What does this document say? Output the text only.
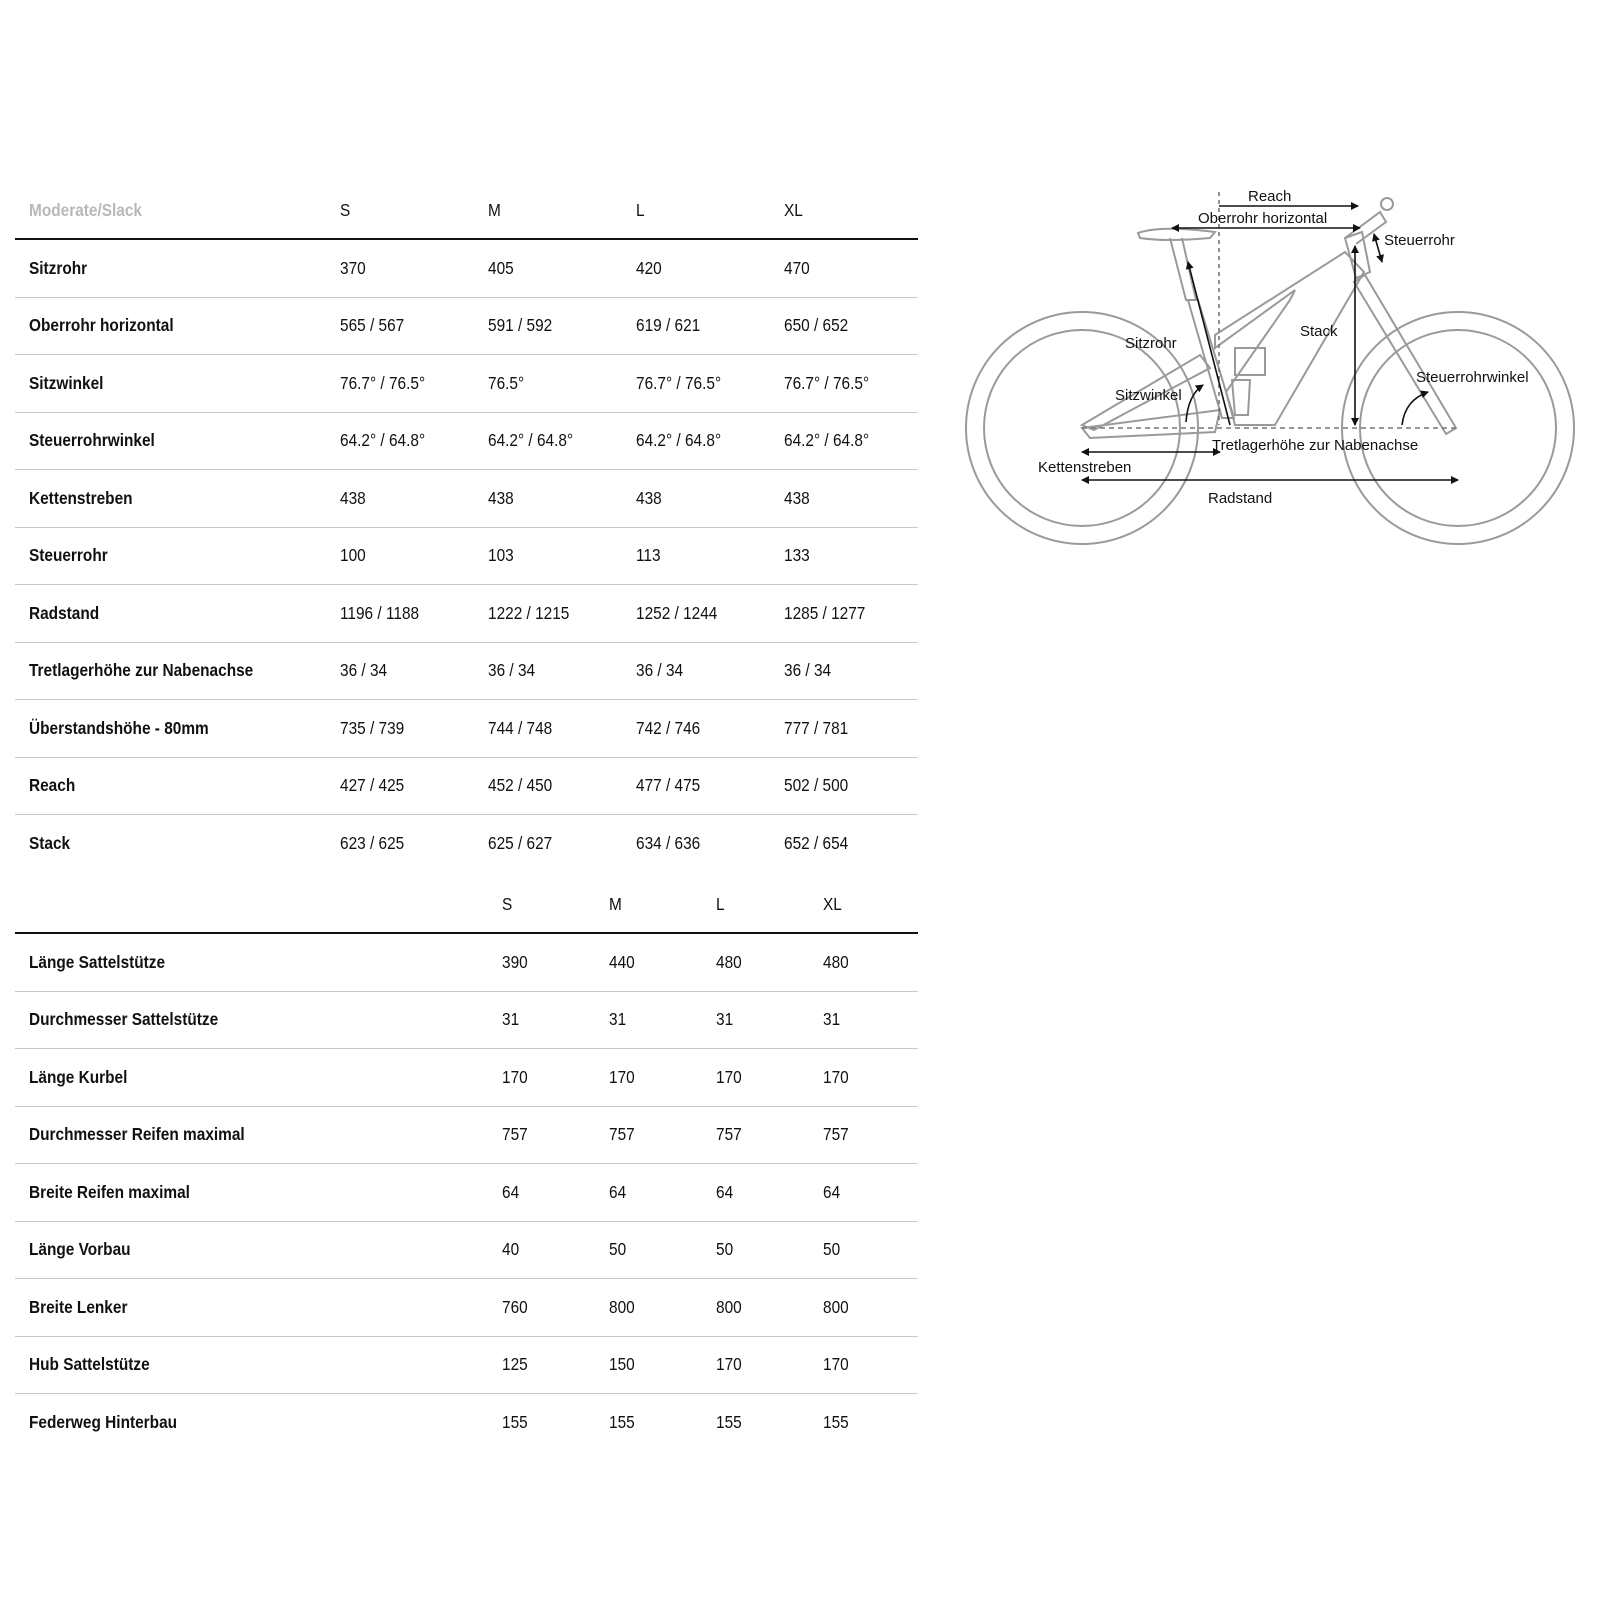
Moderate/Slack	S	M	L	XL
Sitzrohr	370	405	420	470
Oberrohr horizontal	565 / 567	591 / 592	619 / 621	650 / 652
Sitzwinkel	76.7° / 76.5°	76.5°	76.7° / 76.5°	76.7° / 76.5°
Steuerrohrwinkel	64.2° / 64.8°	64.2° / 64.8°	64.2° / 64.8°	64.2° / 64.8°
Kettenstreben	438	438	438	438
Steuerrohr	100	103	113	133
Radstand	1196 / 1188	1222 / 1215	1252 / 1244	1285 / 1277
Tretlagerhöhe zur Nabenachse	36 / 34	36 / 34	36 / 34	36 / 34
Überstandshöhe - 80mm	735 / 739	744 / 748	742 / 746	777 / 781
Reach	427 / 425	452 / 450	477 / 475	502 / 500
Stack	623 / 625	625 / 627	634 / 636	652 / 654
S	M	L	XL
Länge Sattelstütze	390	440	480	480
Durchmesser Sattelstütze	31	31	31	31
Länge Kurbel	170	170	170	170
Durchmesser Reifen maximal	757	757	757	757
Breite Reifen maximal	64	64	64	64
Länge Vorbau	40	50	50	50
Breite Lenker	760	800	800	800
Hub Sattelstütze	125	150	170	170
Federweg Hinterbau	155	155	155	155
Reach
Oberrohr horizontal
Steuerrohr
Stack
Sitzrohr
Steuerrohrwinkel
Sitzwinkel
Tretlagerhöhe zur Nabenachse
Kettenstreben
Radstand
